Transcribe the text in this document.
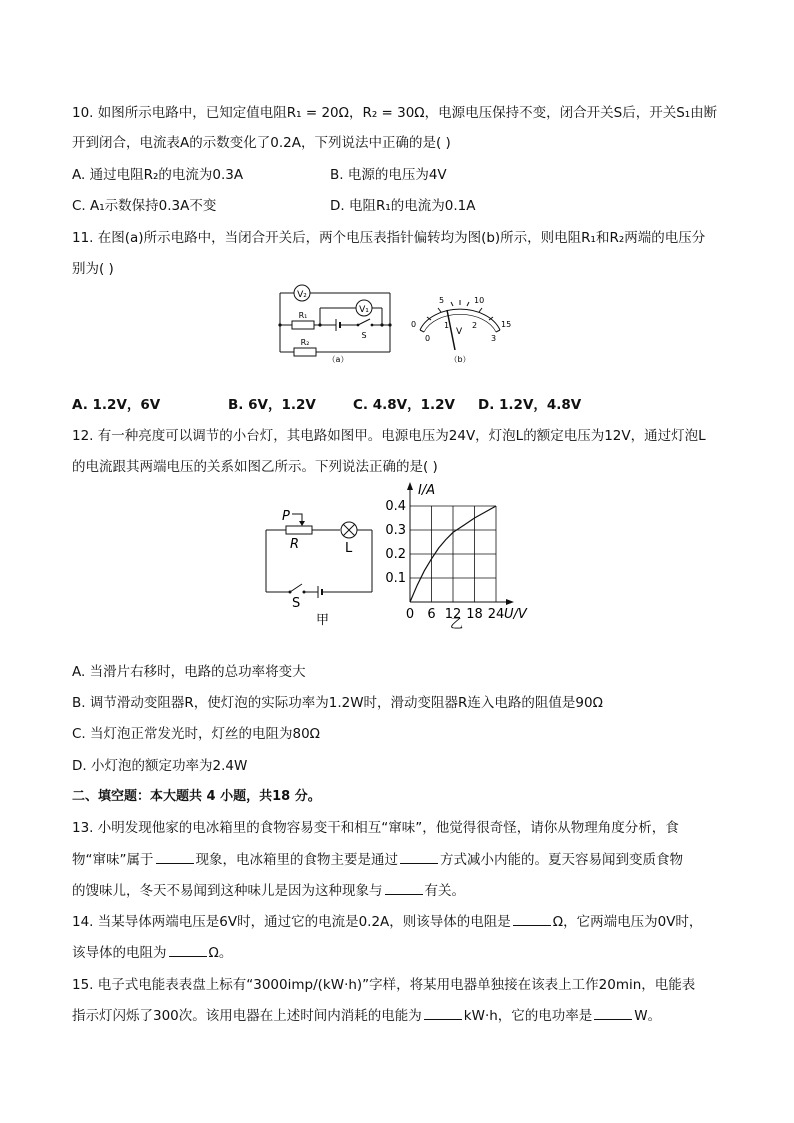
10. 如图所示电路中，已知定值电阻R₁ = 20Ω，R₂ = 30Ω，电源电压保持不变，闭合开关S后，开关S₁由断
开到闭合，电流表A的示数变化了0.2A，下列说法中正确的是( )
A. 通过电阻R₂的电流为0.3A	B. 电源的电压为4V
C. A₁示数保持0.3A不变	D. 电阻R₁的电流为0.1A
11. 在图(a)所示电路中，当闭合开关后，两个电压表指针偏转均为图(b)所示，则电阻R₁和R₂两端的电压分
别为( )
V₂
V₁
R₁
R₂
S
（a）
0
5	10
15
0
1	2
3
V
（b）
A. 1.2V，6V	B. 6V，1.2V	C. 4.8V，1.2V D. 1.2V，4.8V
12. 有一种亮度可以调节的小台灯，其电路如图甲。电源电压为24V，灯泡L的额定电压为12V，通过灯泡L
的电流跟其两端电压的关系如图乙所示。下列说法正确的是( )
P
R	L
S
甲	0 6 12 18 24
0.1
0.2
0.3
0.4
I/A
U/V
乙
A. 当滑片右移时，电路的总功率将变大
B. 调节滑动变阻器R，使灯泡的实际功率为1.2W时，滑动变阻器R连入电路的阻值是90Ω
C. 当灯泡正常发光时，灯丝的电阻为80Ω
D. 小灯泡的额定功率为2.4W
二、填空题：本大题共 4 小题，共18 分。
13. 小明发现他家的电冰箱里的食物容易变干和相互“窜味”，他觉得很奇怪，请你从物理角度分析，食
物“窜味”属于	现象，电冰箱里的食物主要是通过	方式减小内能的。夏天容易闻到变质食物
的馊味儿，冬天不易闻到这种味儿是因为这种现象与	有关。
14. 当某导体两端电压是6V时，通过它的电流是0.2A，则该导体的电阻是	Ω，它两端电压为0V时，
该导体的电阻为	Ω。
15. 电子式电能表表盘上标有“3000imp/(kW·h)”字样，将某用电器单独接在该表上工作20min，电能表
指示灯闪烁了300次。该用电器在上述时间内消耗的电能为	kW·h，它的电功率是	W。
